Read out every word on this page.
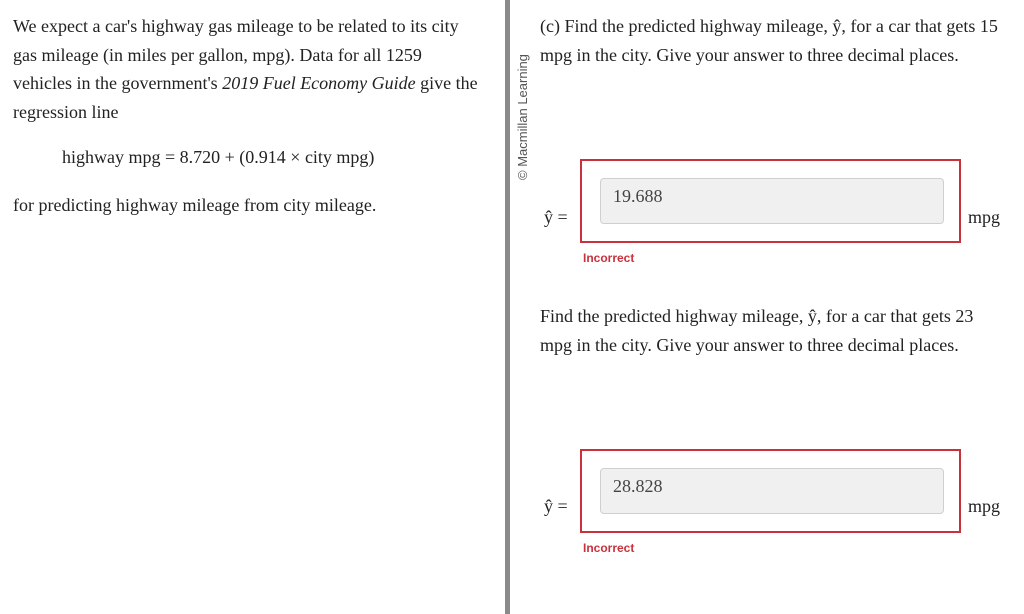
We expect a car's highway gas mileage to be related to its city gas mileage (in miles per gallon, mpg). Data for all 1259 vehicles in the government's 2019 Fuel Economy Guide give the regression line

highway mpg = 8.720 + (0.914 × city mpg)
for predicting highway mileage from city mileage.
© Macmillan Learning

(c) Find the predicted highway mileage, ŷ, for a car that gets 15 mpg in the city. Give your answer to three decimal places.

ŷ =
19.688	mpg
Incorrect

Find the predicted highway mileage, ŷ, for a car that gets 23 mpg in the city. Give your answer to three decimal places.

ŷ =
28.828	mpg
Incorrect
